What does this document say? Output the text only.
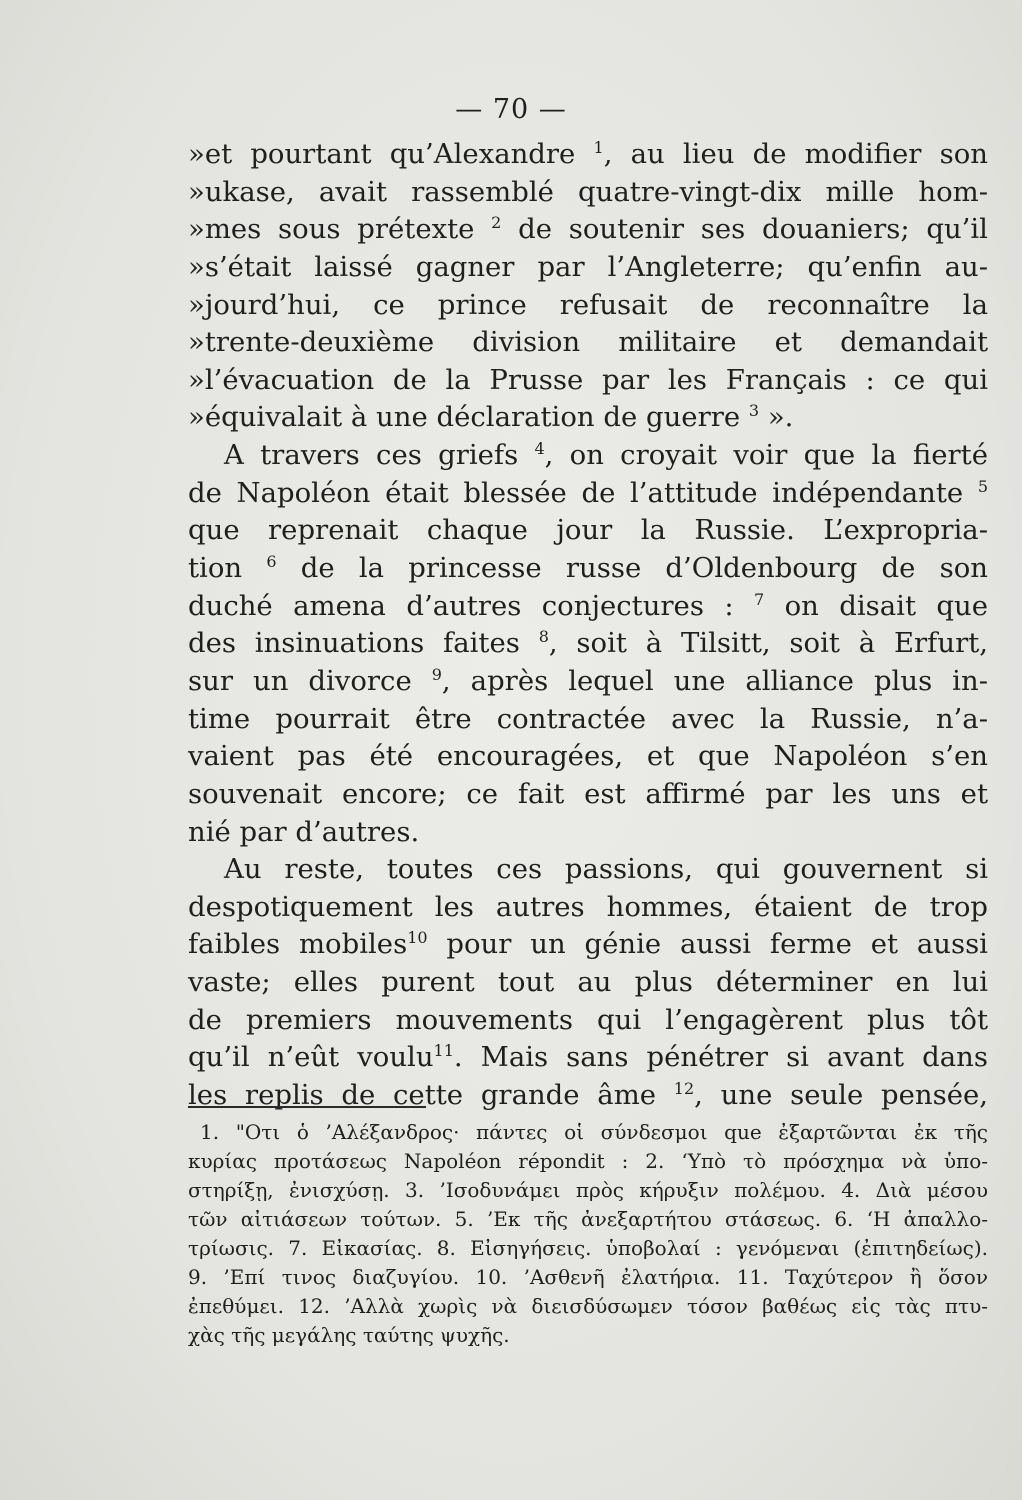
— 70 —
»et pourtant qu’Alexandre $^1$, au lieu de modifier son
»ukase, avait rassemblé quatre-vingt-dix mille hom-
»mes sous prétexte $^2$ de soutenir ses douaniers; qu’il
»s’était laissé gagner par l’Angleterre; qu’enfin au-
»jourd’hui, ce prince refusait de reconnaître la
»trente-deuxième division militaire et demandait
»l’évacuation de la Prusse par les Français : ce qui
»équivalait à une déclaration de guerre $^3$ ».
A travers ces griefs $^4$, on croyait voir que la fierté
de Napoléon était blessée de l’attitude indépendante $^5$
que reprenait chaque jour la Russie. L’expropria-
tion $^6$ de la princesse russe d’Oldenbourg de son
duché amena d’autres conjectures : $^7$ on disait que
des insinuations faites $^8$, soit à Tilsitt, soit à Erfurt,
sur un divorce $^9$, après lequel une alliance plus in-
time pourrait être contractée avec la Russie, n’a-
vaient pas été encouragées, et que Napoléon s’en
souvenait encore; ce fait est affirmé par les uns et
nié par d’autres.
Au reste, toutes ces passions, qui gouvernent si
despotiquement les autres hommes, étaient de trop
faibles mobiles$^{10}$ pour un génie aussi ferme et aussi
vaste; elles purent tout au plus déterminer en lui
de premiers mouvements qui l’engagèrent plus tôt
qu’il n’eût voulu$^{11}$. Mais sans pénétrer si avant dans
les replis de cette grande âme $^{12}$, une seule pensée,
1. "Οτι ὁ ’Αλέξανδρος· πάντες οἱ σύνδεσμοι que ἐξαρτῶνται ἐκ τῆς
κυρίας προτάσεως Napoléon répondit : 2. ‘Υπὸ τὸ πρόσχημα νὰ ὑπο-
στηρίξῃ, ἐνισχύσῃ. 3. ’Ισοδυνάμει πρὸς κήρυξιν πολέμου. 4. Διὰ μέσου
τῶν αἰτιάσεων τούτων. 5. ’Εκ τῆς ἀνεξαρτήτου στάσεως. 6. ‘Η ἀπαλλο-
τρίωσις. 7. Εἰκασίας. 8. Εἰσηγήσεις. ὑποβολαί : γενόμεναι (ἐπιτηδείως).
9. ’Επί τινος διαζυγίου. 10. ’Ασθενῆ ἐλατήρια. 11. Ταχύτερον ἢ ὅσον
ἐπεθύμει. 12. ’Αλλὰ χωρὶς νὰ διεισδύσωμεν τόσον βαθέως εἰς τὰς πτυ-
χὰς τῆς μεγάλης ταύτης ψυχῆς.
